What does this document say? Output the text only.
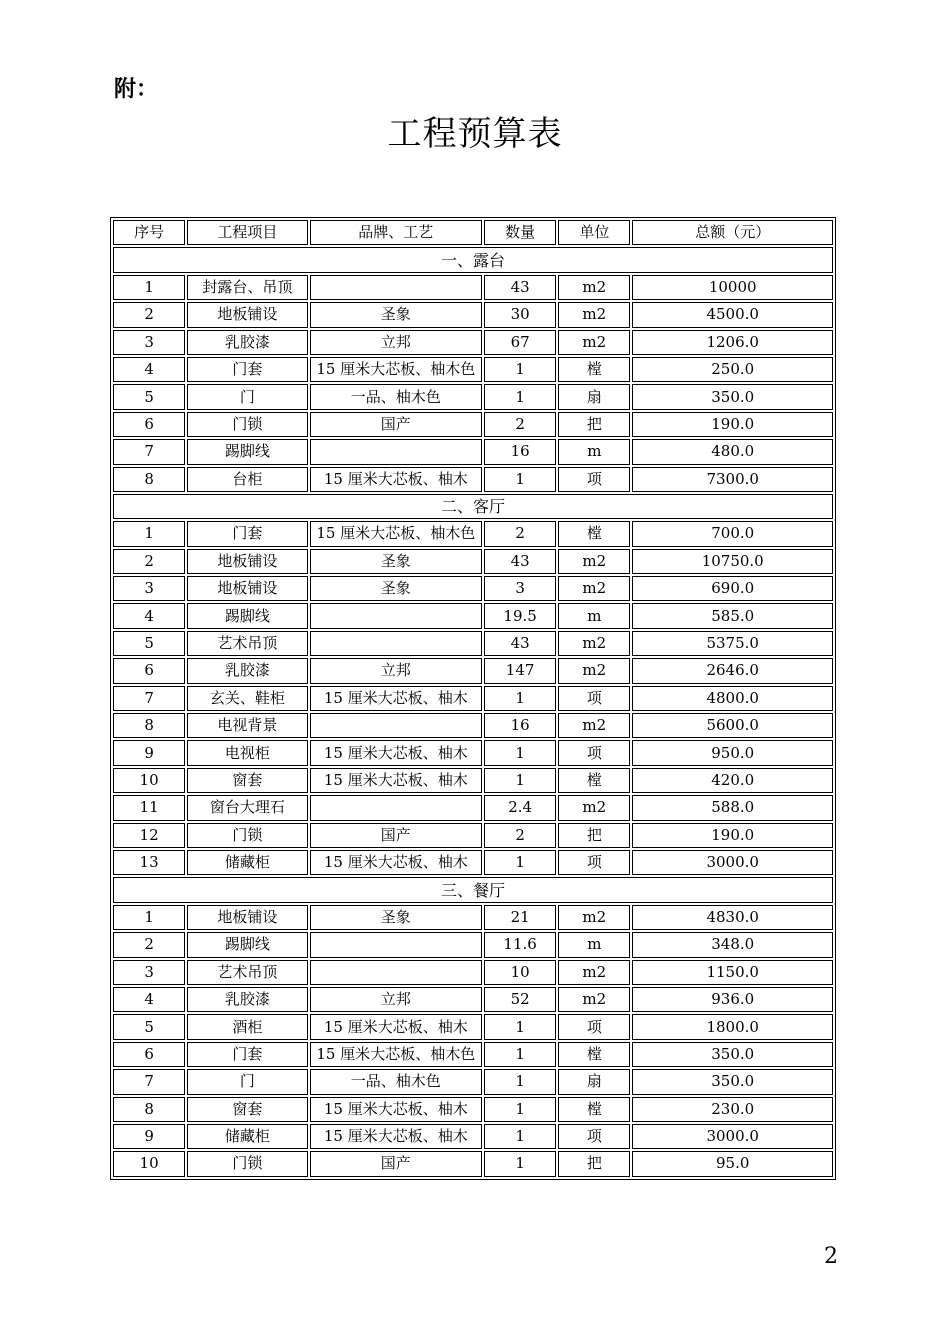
附：
工程预算表
序号	工程项目	品牌、工艺	数量	单位	总额（元）
一、露台					
1	封露台、吊顶		43	m2	10000
2	地板铺设	圣象	30	m2	4500.0
3	乳胶漆	立邦	67	m2	1206.0
4	门套	15 厘米大芯板、柚木色	1	樘	250.0
5	门	一品、柚木色	1	扇	350.0
6	门锁	国产	2	把	190.0
7	踢脚线		16	m	480.0
8	台柜	15 厘米大芯板、柚木	1	项	7300.0
二、客厅					
1	门套	15 厘米大芯板、柚木色	2	樘	700.0
2	地板铺设	圣象	43	m2	10750.0
3	地板铺设	圣象	3	m2	690.0
4	踢脚线		19.5	m	585.0
5	艺术吊顶		43	m2	5375.0
6	乳胶漆	立邦	147	m2	2646.0
7	玄关、鞋柜	15 厘米大芯板、柚木	1	项	4800.0
8	电视背景		16	m2	5600.0
9	电视柜	15 厘米大芯板、柚木	1	项	950.0
10	窗套	15 厘米大芯板、柚木	1	樘	420.0
11	窗台大理石		2.4	m2	588.0
12	门锁	国产	2	把	190.0
13	储藏柜	15 厘米大芯板、柚木	1	项	3000.0
三、餐厅					
1	地板铺设	圣象	21	m2	4830.0
2	踢脚线		11.6	m	348.0
3	艺术吊顶		10	m2	1150.0
4	乳胶漆	立邦	52	m2	936.0
5	酒柜	15 厘米大芯板、柚木	1	项	1800.0
6	门套	15 厘米大芯板、柚木色	1	樘	350.0
7	门	一品、柚木色	1	扇	350.0
8	窗套	15 厘米大芯板、柚木	1	樘	230.0
9	储藏柜	15 厘米大芯板、柚木	1	项	3000.0
10	门锁	国产	1	把	95.0
2
